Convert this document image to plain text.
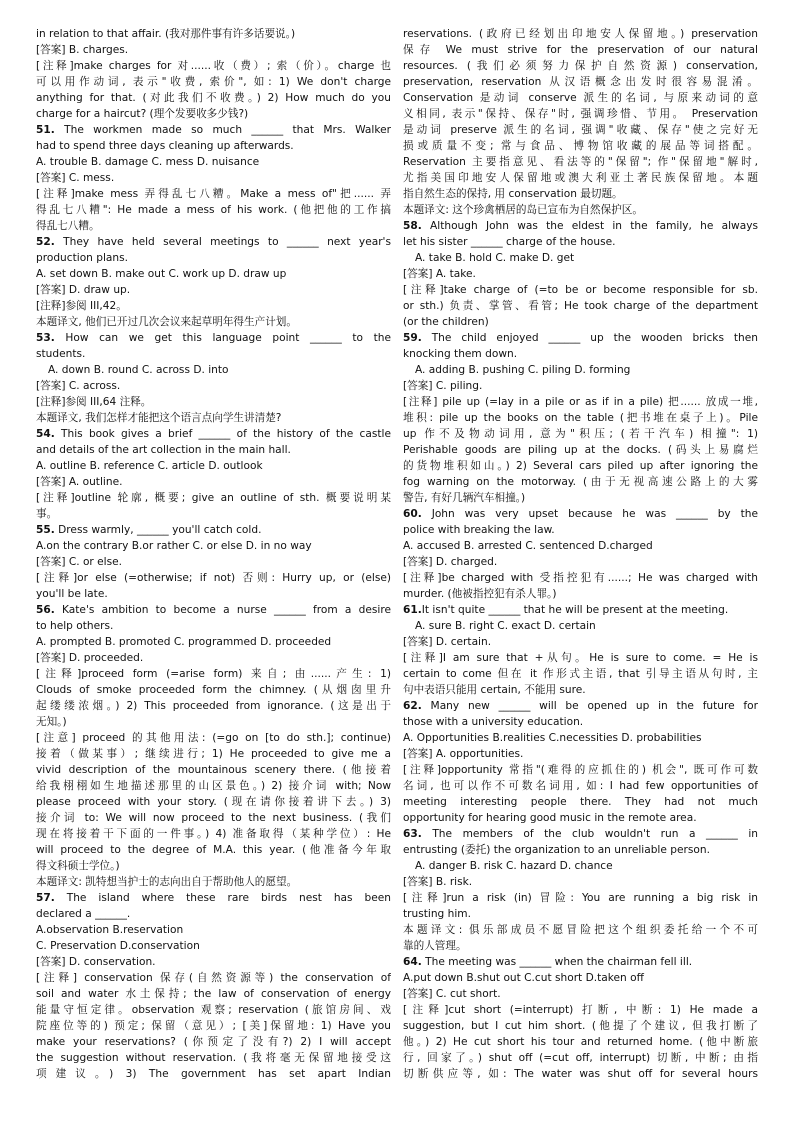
in relation to that affair. (我对那件事有许多话要说。)
[答案] B. charges.
[注释]make charges for 对......收（费）; 索（价）。charge 也
可以用作动词, 表示"收费, 索价", 如: 1) We don't charge
anything for that. (对此我们不收费。) 2) How much do you
charge for a haircut? (理个发要收多少钱?)
51. The workmen made so much ______ that Mrs. Walker
had to spend three days cleaning up afterwards.
A. trouble B. damage C. mess D. nuisance
[答案] C. mess.
[注释]make mess 弄得乱七八糟。Make a mess of"把...... 弄
得乱七八糟": He made a mess of his work. (他把他的工作搞
得乱七八糟。
52. They have held several meetings to ______ next year's
production plans.
A. set down B. make out C. work up D. draw up
[答案] D. draw up.
[注释]参阅 III,42。
本题译文, 他们已开过几次会议来起草明年得生产计划。
53. How can we get this language point ______ to the
students.
A. down B. round C. across D. into
[答案] C. across.
[注释]参阅 III,64 注释。
本题译文, 我们怎样才能把这个语言点向学生讲清楚?
54. This book gives a brief ______ of the history of the castle
and details of the art collection in the main hall.
A. outline B. reference C. article D. outlook
[答案] A. outline.
[注释]outline 轮廓, 概要; give an outline of sth. 概要说明某
事。
55. Dress warmly, ______ you'll catch cold.
A.on the contrary B.or rather C. or else D. in no way
[答案] C. or else.
[注释]or else (=otherwise; if not) 否则: Hurry up, or (else)
you'll be late.
56. Kate's ambition to become a nurse ______ from a desire
to help others.
A. prompted B. promoted C. programmed D. proceeded
[答案] D. proceeded.
[注释]proceed form (=arise form) 来自; 由......产生: 1)
Clouds of smoke proceeded form the chimney. (从烟囱里升
起缕缕浓烟。) 2) This proceeded from ignorance. (这是出于
无知。)
[注意] proceed 的其他用法: (=go on [to do sth.]; continue)
接着（做某事）; 继续进行; 1) He proceeded to give me a
vivid description of the mountainous scenery there. (他接着
给我栩栩如生地描述那里的山区景色。) 2) 接介词 with; Now
please proceed with your story. (现在请你接着讲下去。) 3)
接介词 to: We will now proceed to the next business. (我们
现在将接着干下面的一件事。) 4) 准备取得（某种学位）: He
will proceed to the degree of M.A. this year. (他准备今年取
得文科硕士学位。)
本题译文: 凯特想当护士的志向出自于帮助他人的愿望。
57. The island where these rare birds nest has been
declared a ______.
A.observation B.reservation
C. Preservation D.conservation
[答案] D. conservation.
[注释] conservation 保存(自然资源等) the conservation of
soil and water 水土保持; the law of conservation of energy
能量守恒定律。observation 观察; reservation (旅馆房间、戏
院座位等的) 预定; 保留（意见）; [美]保留地: 1) Have you
make your reservations? (你预定了没有?) 2) I will accept
the suggestion without reservation. (我将毫无保留地接受这
项建议。) 3) The government has set apart Indian
reservations. (政府已经划出印地安人保留地。) preservation
保存 We must strive for the preservation of our natural
resources. (我们必须努力保护自然资源) conservation,
preservation, reservation 从汉语概念出发时很容易混淆。
Conservation 是动词 conserve 派生的名词, 与原来动词的意
义相同, 表示"保持、保存"时, 强调珍惜、节用。 Preservation
是动词 preserve 派生的名词, 强调"收藏、保存"使之完好无
损或质量不变; 常与食品、博物馆收藏的展品等词搭配。
Reservation 主要指意见、看法等的"保留"; 作"保留地"解时,
尤指美国印地安人保留地或澳大利亚土著民族保留地。本题
指自然生态的保持, 用 conservation 最切题。
本题译文: 这个珍禽栖居的岛已宣布为自然保护区。
58. Although John was the eldest in the family, he always
let his sister ______ charge of the house.
A. take B. hold C. make D. get
[答案] A. take.
[注释]take charge of (=to be or become responsible for sb.
or sth.) 负责、掌管、看管; He took charge of the department
(or the children)
59. The child enjoyed ______ up the wooden bricks then
knocking them down.
A. adding B. pushing C. piling D. forming
[答案] C. piling.
[注释] pile up (=lay in a pile or as if in a pile) 把...... 放成一堆,
堆积: pile up the books on the table (把书堆在桌子上)。Pile
up 作不及物动词用, 意为"积压; (若干汽车) 相撞": 1)
Perishable goods are piling up at the docks. (码头上易腐烂
的货物堆积如山。) 2) Several cars piled up after ignoring the
fog warning on the motorway. (由于无视高速公路上的大雾
警告, 有好几辆汽车相撞。)
60. John was very upset because he was ______ by the
police with breaking the law.
A. accused B. arrested C. sentenced D.charged
[答案] D. charged.
[注释]be charged with 受指控犯有......; He was charged with
murder. (他被指控犯有杀人罪。)
61.It isn't quite ______ that he will be present at the meeting.
A. sure B. right C. exact D. certain
[答案] D. certain.
[注释]I am sure that +从句。He is sure to come. = He is
certain to come 但在 it 作形式主语, that 引导主语从句时, 主
句中表语只能用 certain, 不能用 sure.
62. Many new ______ will be opened up in the future for
those with a university education.
A. Opportunities B.realities C.necessities D. probabilities
[答案] A. opportunities.
[注释]opportunity 常指"(难得的应抓住的) 机会", 既可作可数
名词, 也可以作不可数名词用, 如: I had few opportunities of
meeting interesting people there. They had not much
opportunity for hearing good music in the remote area.
63. The members of the club wouldn't run a ______ in
entrusting (委托) the organization to an unreliable person.
A. danger B. risk C. hazard D. chance
[答案] B. risk.
[注释]run a risk (in) 冒险: You are running a big risk in
trusting him.
本题译文: 俱乐部成员不愿冒险把这个组织委托给一个不可
靠的人管理。
64. The meeting was ______ when the chairman fell ill.
A.put down B.shut out C.cut short D.taken off
[答案] C. cut short.
[注释]cut short (=interrupt) 打断, 中断: 1) He made a
suggestion, but I cut him short. (他提了个建议, 但我打断了
他。) 2) He cut short his tour and returned home. (他中断旅
行, 回家了。) shut off (=cut off, interrupt) 切断, 中断; 由指
切断供应等, 如: The water was shut off for several hours
